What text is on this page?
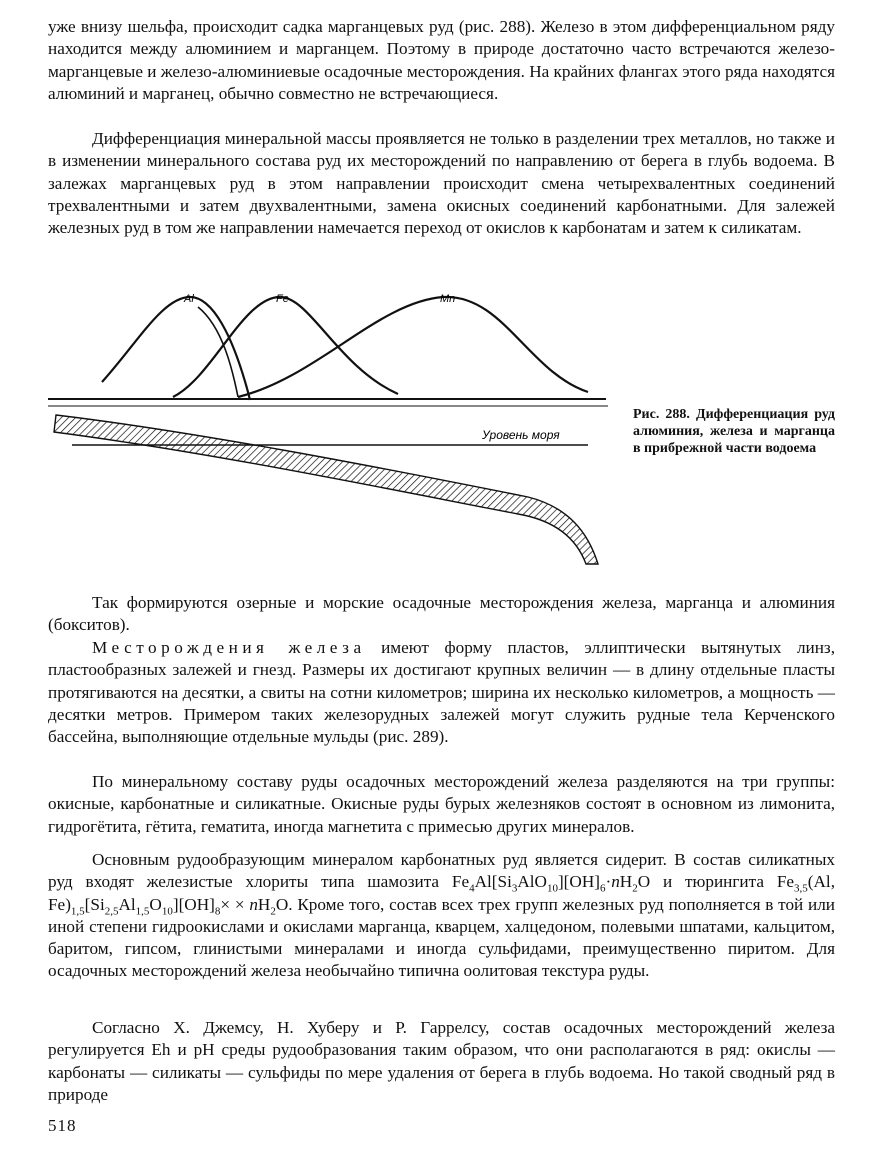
уже внизу шельфа, происходит садка марганцевых руд (рис. 288). Железо в этом дифференциальном ряду находится между алюминием и марганцем. Поэтому в природе достаточно часто встречаются железо-марганцевые и железо-алюминиевые осадочные месторождения. На крайних флангах этого ряда находятся алюминий и марганец, обычно совместно не встречающиеся.

Дифференциация минеральной массы проявляется не только в разделении трех металлов, но также и в изменении минерального состава руд их месторождений по направлению от берега в глубь водоема. В залежах марганцевых руд в этом направлении происходит смена четырехвалентных соединений трехвалентными и затем двухвалентными, замена окисных соединений карбонатными. Для залежей железных руд в том же направлении намечается переход от окислов к карбонатам и затем к силикатам.

Al	Fe	Mn
Уровень моря

Рис. 288. Дифференциация руд алюминия, железа и марганца в прибрежной части водоема

Так формируются озерные и морские осадочные месторождения железа, марганца и алюминия (бокситов).

Месторождения железа имеют форму пластов, эллиптически вытянутых линз, пластообразных залежей и гнезд. Размеры их достигают крупных величин — в длину отдельные пласты протягиваются на десятки, а свиты на сотни километров; ширина их несколько километров, а мощность — десятки метров. Примером таких железорудных залежей могут служить рудные тела Керченского бассейна, выполняющие отдельные мульды (рис. 289).

По минеральному составу руды осадочных месторождений железа разделяются на три группы: окисные, карбонатные и силикатные. Окисные руды бурых железняков состоят в основном из лимонита, гидрогётита, гётита, гематита, иногда магнетита с примесью других минералов.

Основным рудообразующим минералом карбонатных руд является сидерит. В состав силикатных руд входят железистые хлориты типа шамозита $Fe_4Al[Si_3AlO_{10}][OH]_6\cdot nH_2O$ и тюрингита $Fe_{3,5}(Al$, $Fe)_{1,5}[Si_{2,5}Al_{1,5}O_{10}][OH]_8\times \times nH_2O$. Кроме того, состав всех трех групп железных руд пополняется в той или иной степени гидроокислами и окислами марганца, кварцем, халцедоном, полевыми шпатами, кальцитом, баритом, гипсом, глинистыми минералами и иногда сульфидами, преимущественно пиритом. Для осадочных месторождений железа необычайно типична оолитовая текстура руды.

Согласно Х. Джемсу, Н. Хуберу и Р. Гаррелсу, состав осадочных месторождений железа регулируется Eh и pH среды рудообразования таким образом, что они располагаются в ряд: окислы — карбонаты — силикаты — сульфиды по мере удаления от берега в глубь водоема. Но такой сводный ряд в природе

518
